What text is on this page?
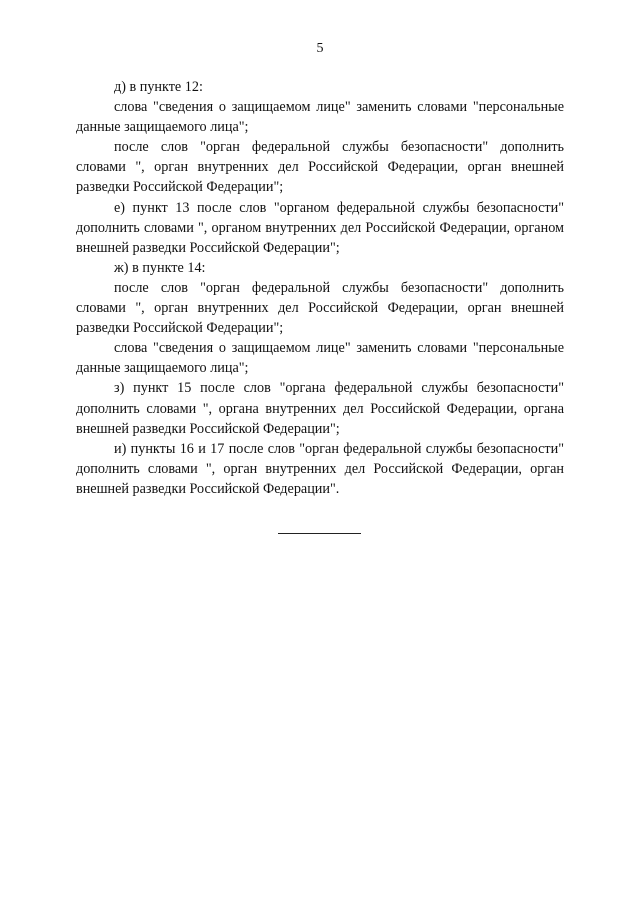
5

д) в пункте 12:

слова "сведения о защищаемом лице" заменить словами "персональные данные защищаемого лица";

после слов "орган федеральной службы безопасности" дополнить словами ", орган внутренних дел Российской Федерации, орган внешней разведки Российской Федерации";

е) пункт 13 после слов "органом федеральной службы безопасности" дополнить словами ", органом внутренних дел Российской Федерации, органом внешней разведки Российской Федерации";

ж) в пункте 14:

после слов "орган федеральной службы безопасности" дополнить словами ", орган внутренних дел Российской Федерации, орган внешней разведки Российской Федерации";

слова "сведения о защищаемом лице" заменить словами "персональные данные защищаемого лица";

з) пункт 15 после слов "органа федеральной службы безопасности" дополнить словами ", органа внутренних дел Российской Федерации, органа внешней разведки Российской Федерации";

и) пункты 16 и 17 после слов "орган федеральной службы безопасности" дополнить словами ", орган внутренних дел Российской Федерации, орган внешней разведки Российской Федерации".
